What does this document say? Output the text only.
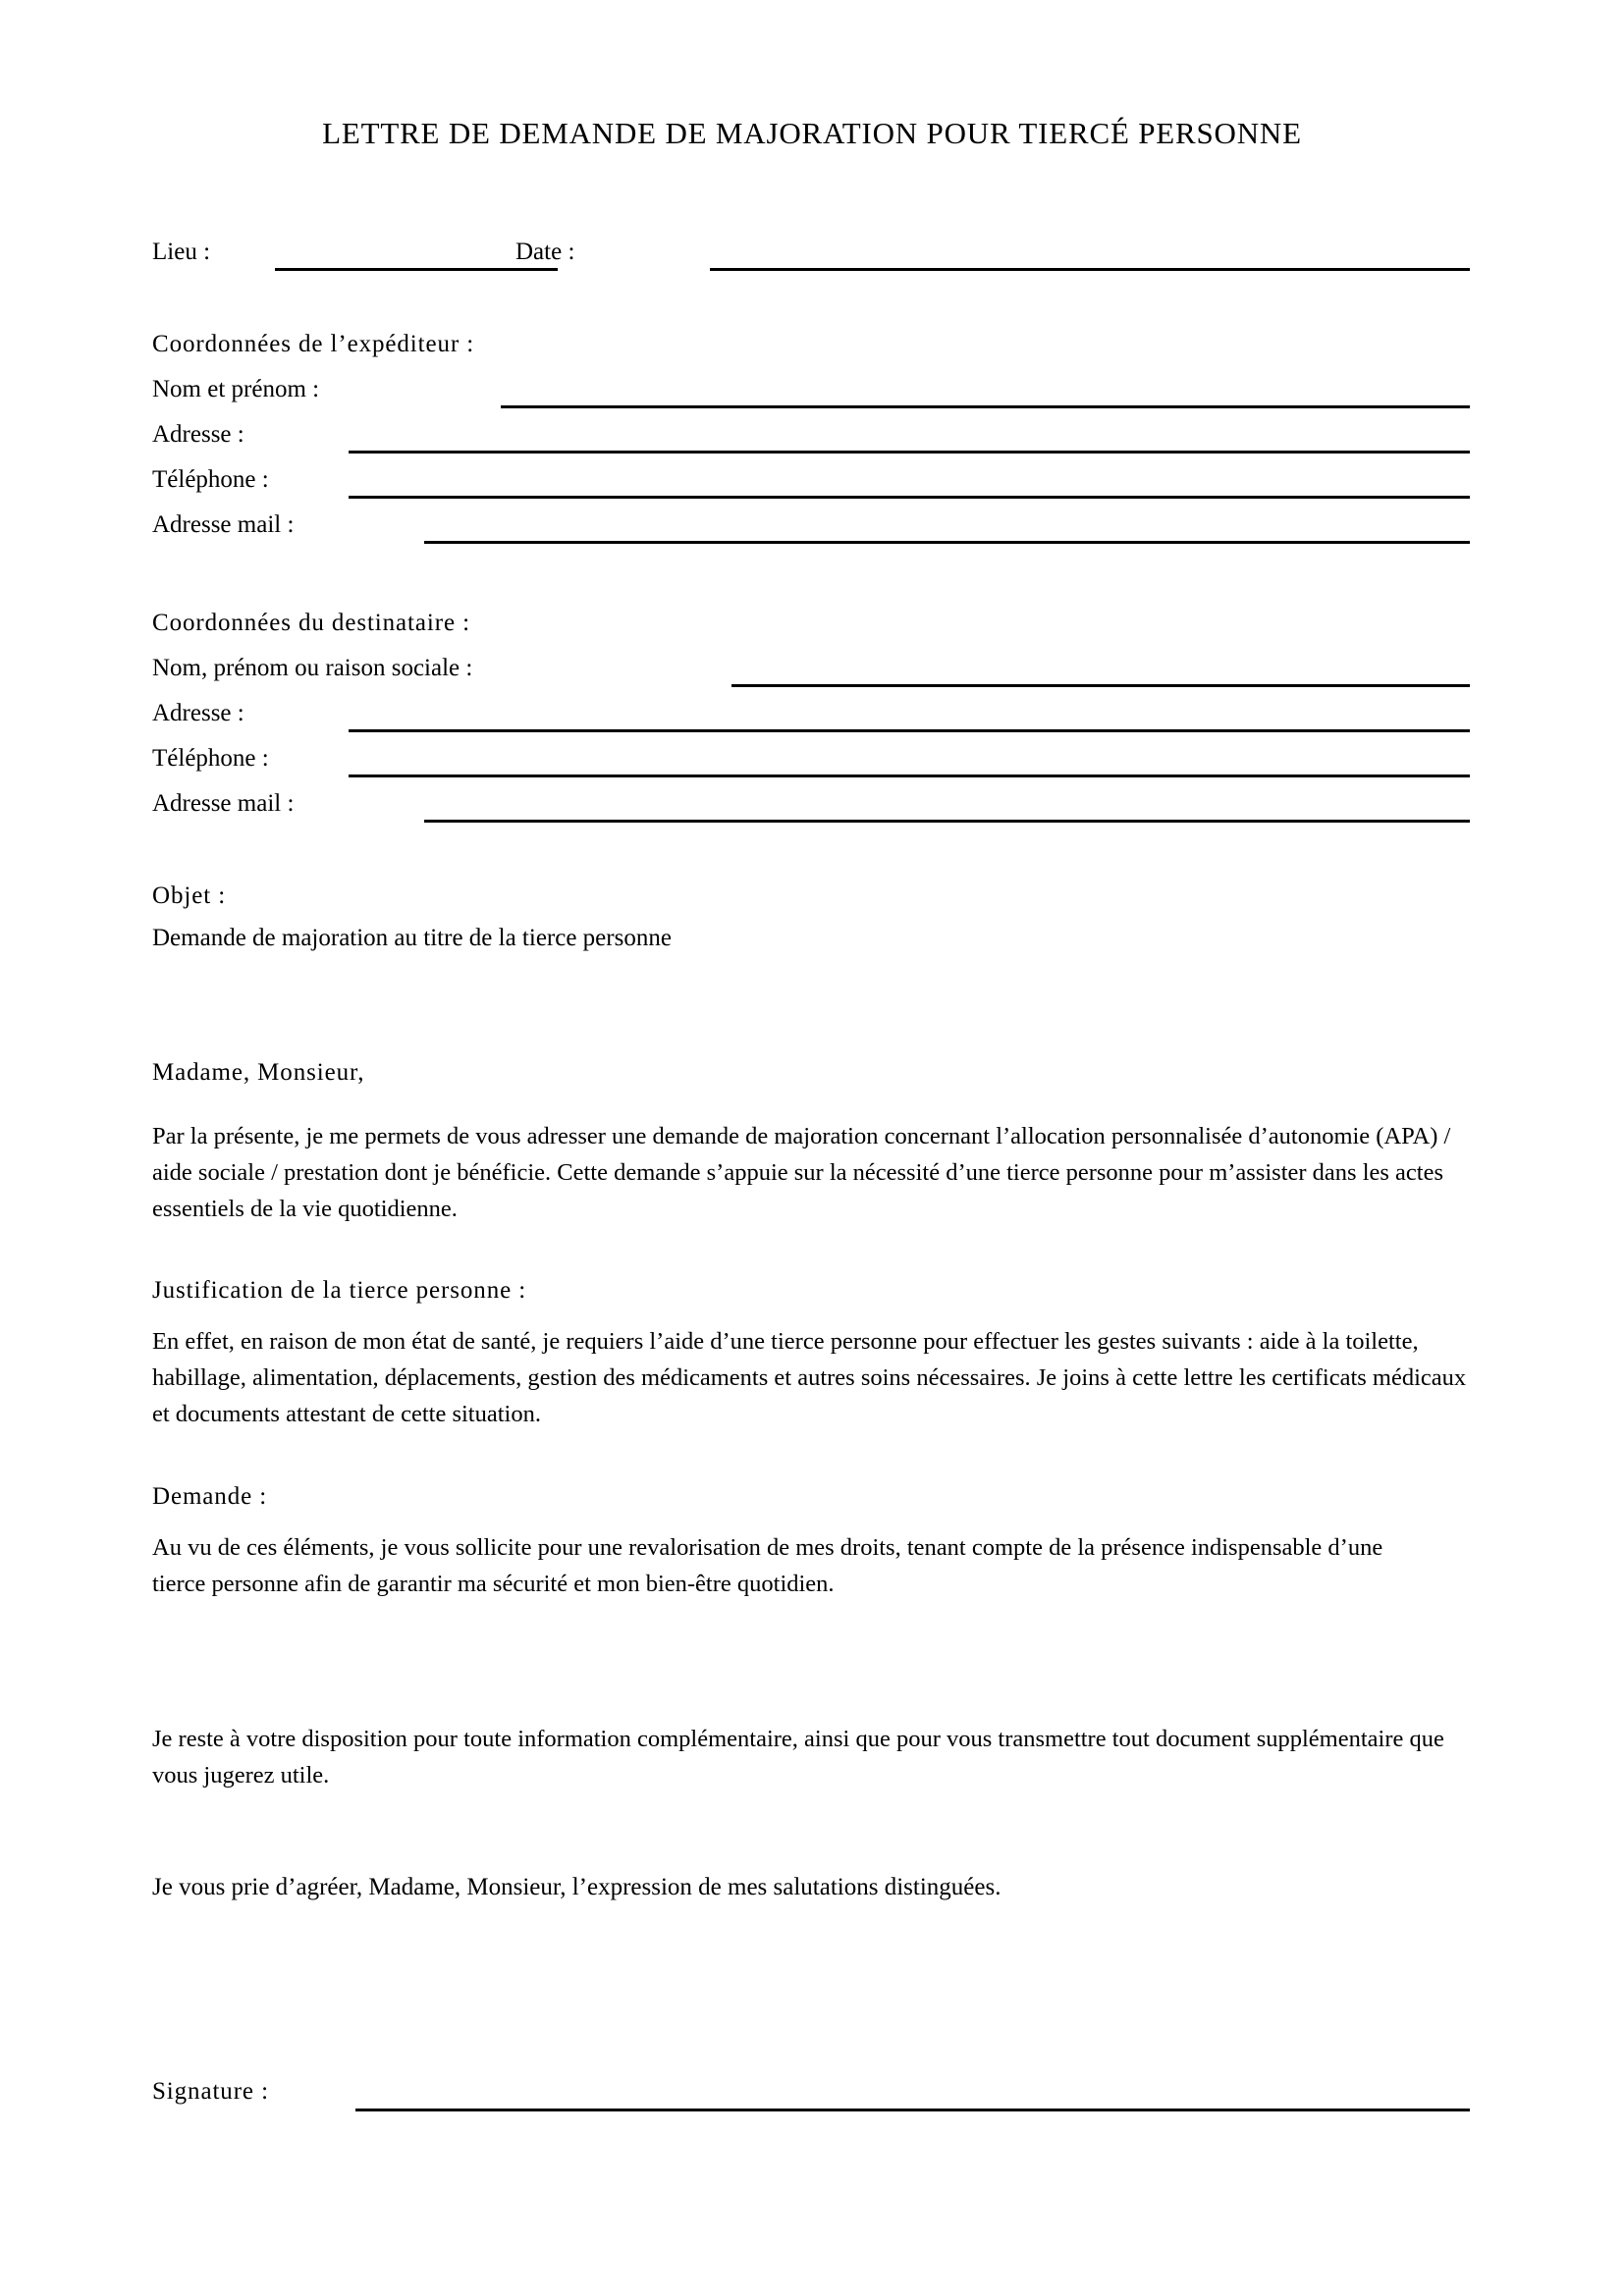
LETTRE DE DEMANDE DE MAJORATION POUR TIERCÉ PERSONNE
Lieu :	Date :
Coordonnées de l’expéditeur :
Nom et prénom :
Adresse :
Téléphone :
Adresse mail :
Coordonnées du destinataire :
Nom, prénom ou raison sociale :
Adresse :
Téléphone :
Adresse mail :
Objet :
Demande de majoration au titre de la tierce personne
Madame, Monsieur,
Par la présente, je me permets de vous adresser une demande de majoration concernant l’allocation personnalisée d’autonomie (APA) / aide sociale / prestation dont je bénéficie. Cette demande s’appuie sur la nécessité d’une tierce personne pour m’assister dans les actes essentiels de la vie quotidienne.
Justification de la tierce personne :
En effet, en raison de mon état de santé, je requiers l’aide d’une tierce personne pour effectuer les gestes suivants : aide à la toilette, habillage, alimentation, déplacements, gestion des médicaments et autres soins nécessaires. Je joins à cette lettre les certificats médicaux et documents attestant de cette situation.
Demande :
Au vu de ces éléments, je vous sollicite pour une revalorisation de mes droits, tenant compte de la présence indispensable d’une tierce personne afin de garantir ma sécurité et mon bien-être quotidien.
Je reste à votre disposition pour toute information complémentaire, ainsi que pour vous transmettre tout document supplémentaire que vous jugerez utile.
Je vous prie d’agréer, Madame, Monsieur, l’expression de mes salutations distinguées.
Signature :
